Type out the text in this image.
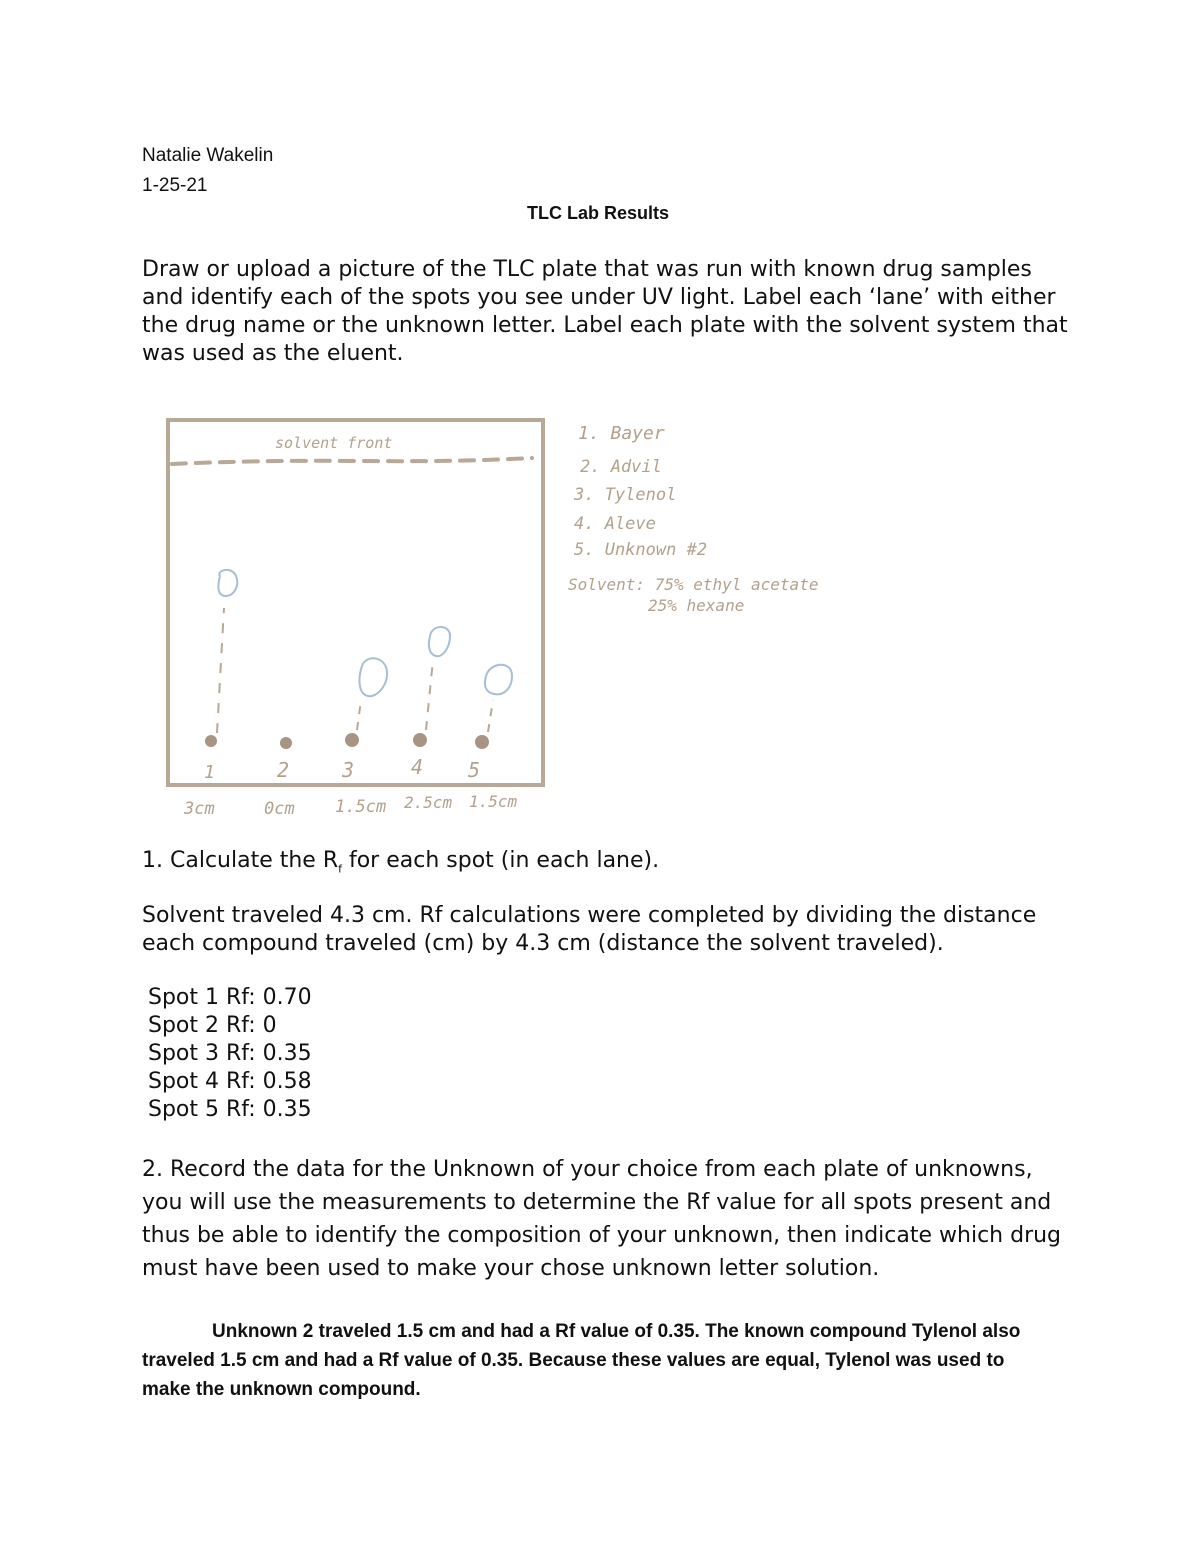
Natalie Wakelin
1-25-21
TLC Lab Results

Draw or upload a picture of the TLC plate that was run with known drug samples and identify each of the spots you see under UV light. Label each ‘lane’ with either the drug name or the unknown letter. Label each plate with the solvent system that was used as the eluent.

solvent front
1	2	3	4 5
3cm	0cm 1.5cm 2.5cm 1.5cm
1. Bayer
2. Advil
3. Tylenol
4. Aleve
5. Unknown #2
Solvent: 75% ethyl acetate
25% hexane

1. Calculate the $R_f$ for each spot (in each lane).

Solvent traveled 4.3 cm. Rf calculations were completed by dividing the distance each compound traveled (cm) by 4.3 cm (distance the solvent traveled).

Spot 1 Rf: 0.70
Spot 2 Rf: 0
Spot 3 Rf: 0.35
Spot 4 Rf: 0.58
Spot 5 Rf: 0.35

2. Record the data for the Unknown of your choice from each plate of unknowns, you will use the measurements to determine the Rf value for all spots present and thus be able to identify the composition of your unknown, then indicate which drug must have been used to make your chose unknown letter solution.

Unknown 2 traveled 1.5 cm and had a Rf value of 0.35. The known compound Tylenol also traveled 1.5 cm and had a Rf value of 0.35. Because these values are equal, Tylenol was used to make the unknown compound.
